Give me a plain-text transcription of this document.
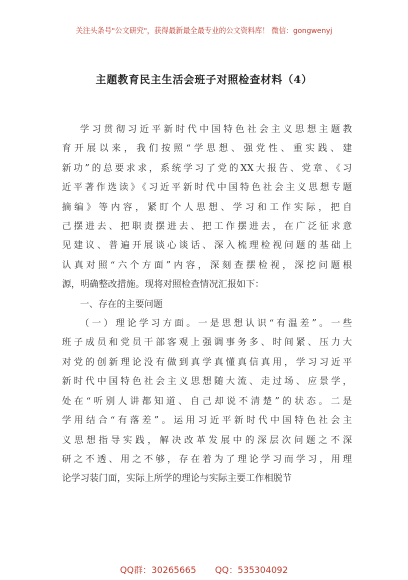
关注头条号"公文研究"，获得最新最全最专业的公文资料库！ 微信：gongwenyj
主题教育民主生活会班子对照检查材料（4）
学习贯彻习近平新时代中国特色社会主义思想主题教
育开展以来，我们按照“学思想、强党性、重实践、建
新功”的总要求求，系统学习了党的XX大报告、党章、《习
近平著作选读》《习近平新时代中国特色社会主义思想专题
摘编》等内容，紧盯个人思想、学习和工作实际，把自
己摆进去、把职责摆进去、把工作摆进去，在广泛征求意
见建议、普遍开展谈心谈话、深入梳理检视问题的基础上
认真对照“六个方面”内容，深刻查摆检视，深挖问题根
源，明确整改措施。现将对照检查情况汇报如下：
一、存在的主要问题
（一）理论学习方面。一是思想认识“有温差”。一些
班子成员和党员干部客观上强调事务多、时间紧、压力大
对党的创新理论没有做到真学真懂真信真用，学习习近平
新时代中国特色社会主义思想随大流、走过场、应景学，
处在“听别人讲都知道、自己却说不清楚”的状态。二是
学用结合“有落差”。运用习近平新时代中国特色社会主
义思想指导实践，解决改革发展中的深层次问题之不深
研之不透、用之不够，存在着为了理论学习而学习，用理
论学习装门面，实际上所学的理论与实际主要工作相脱节
QQ群：30265665 QQ：535304092
